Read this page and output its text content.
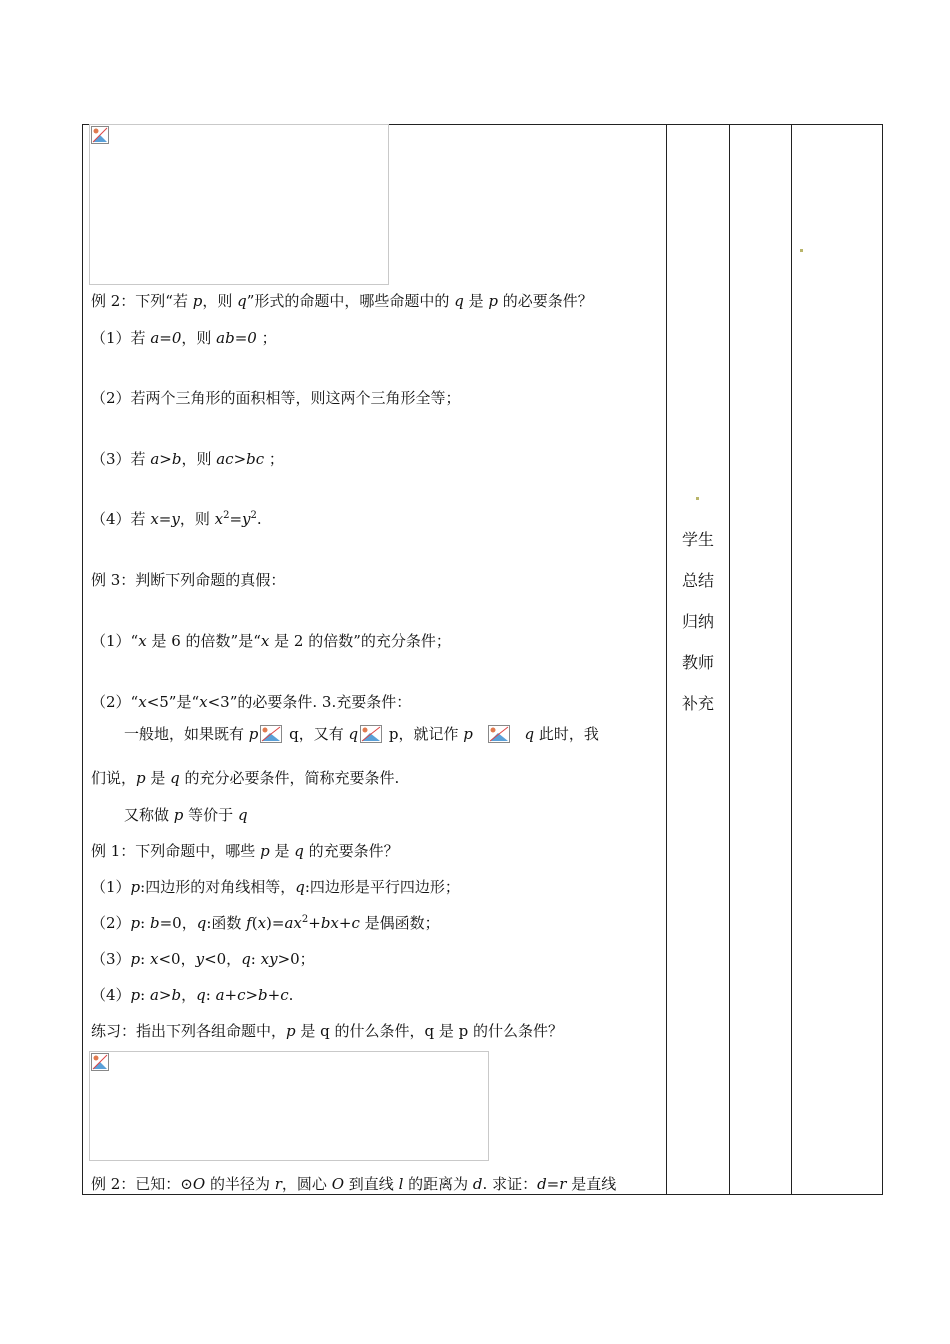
例 2：下列“若 p，则 q”形式的命题中，哪些命题中的 q 是 p 的必要条件？
（1）若 a=0，则 ab=0 ；
（2）若两个三角形的面积相等，则这两个三角形全等；
（3）若 a>b，则 ac>bc ；
（4）若 x=y，则 $x^2=y^2$.
例 3：判断下列命题的真假：
（1）“x 是 6 的倍数”是“x 是 2 的倍数”的充分条件；
（2）“x<5”是“x<3”的必要条件. 3.充要条件：
一般地，如果既有 p q，又有 q p，就记作 p	q 此时，我
们说，p 是 q 的充分必要条件，简称充要条件.
又称做 p 等价于 q
例 1：下列命题中，哪些 p 是 q 的充要条件？
（1）p:四边形的对角线相等，q:四边形是平行四边形；
（2）p: b=0，q:函数 $f(x)=ax^2+bx+c$ 是偶函数；
（3）p: x<0，y<0，q: xy>0；
（4）p: a>b，q: a+c>b+c.
练习：指出下列各组命题中，p 是 q 的什么条件，q 是 p 的什么条件？
例 2：已知：⊙O 的半径为 r，圆心 O 到直线 l 的距离为 d. 求证：d=r 是直线
学生
总结
归纳
教师
补充
